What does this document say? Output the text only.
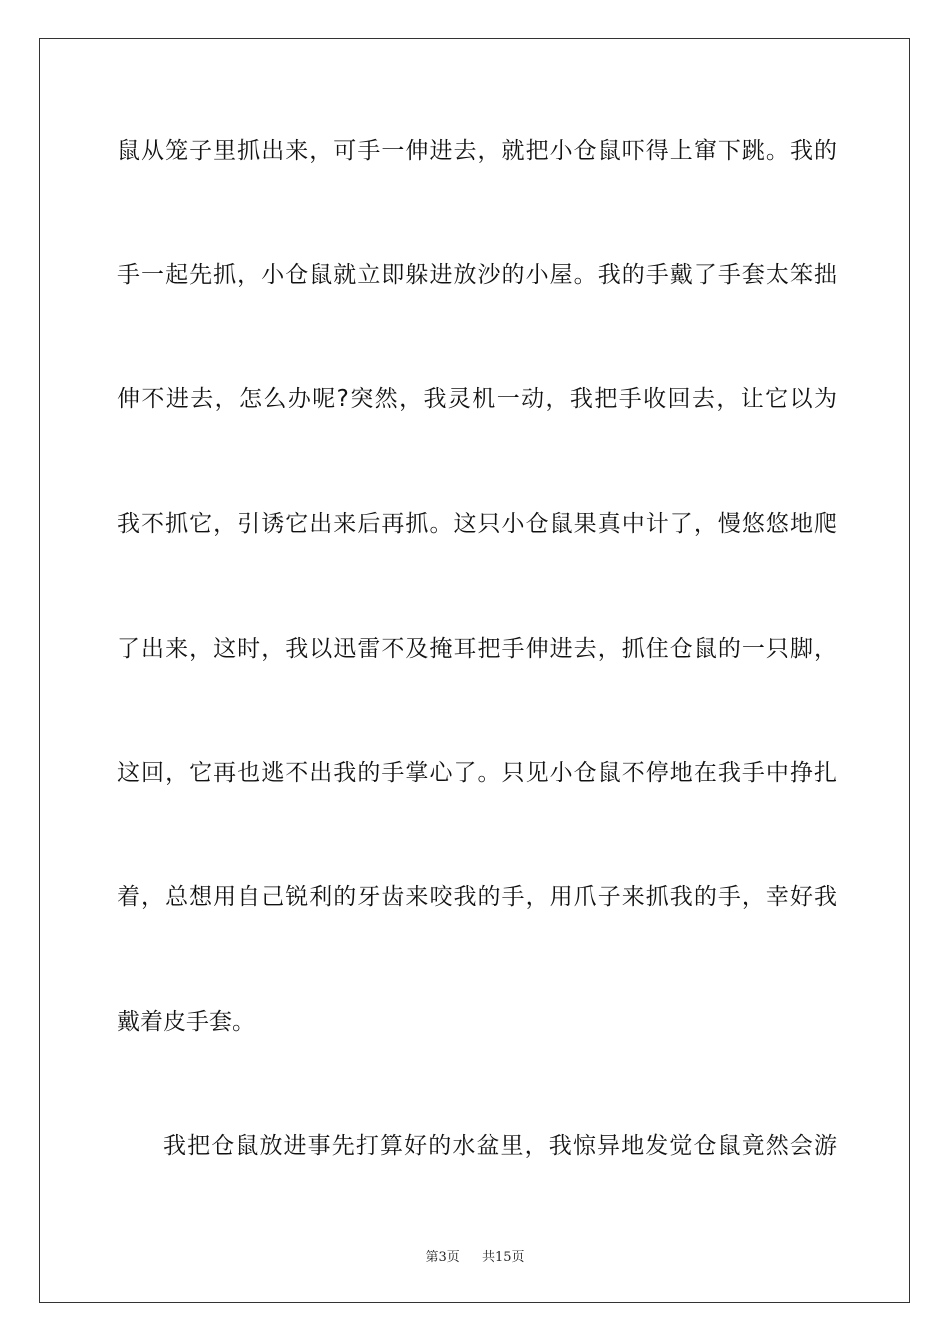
鼠从笼子里抓出来，可手一伸进去，就把小仓鼠吓得上窜下跳。我的
手一起先抓，小仓鼠就立即躲进放沙的小屋。我的手戴了手套太笨拙
伸不进去，怎么办呢?突然，我灵机一动，我把手收回去，让它以为
我不抓它，引诱它出来后再抓。这只小仓鼠果真中计了，慢悠悠地爬
了出来，这时，我以迅雷不及掩耳把手伸进去，抓住仓鼠的一只脚，
这回，它再也逃不出我的手掌心了。只见小仓鼠不停地在我手中挣扎
着，总想用自己锐利的牙齿来咬我的手，用爪子来抓我的手，幸好我
戴着皮手套。
我把仓鼠放进事先打算好的水盆里，我惊异地发觉仓鼠竟然会游
第3页 共15页
